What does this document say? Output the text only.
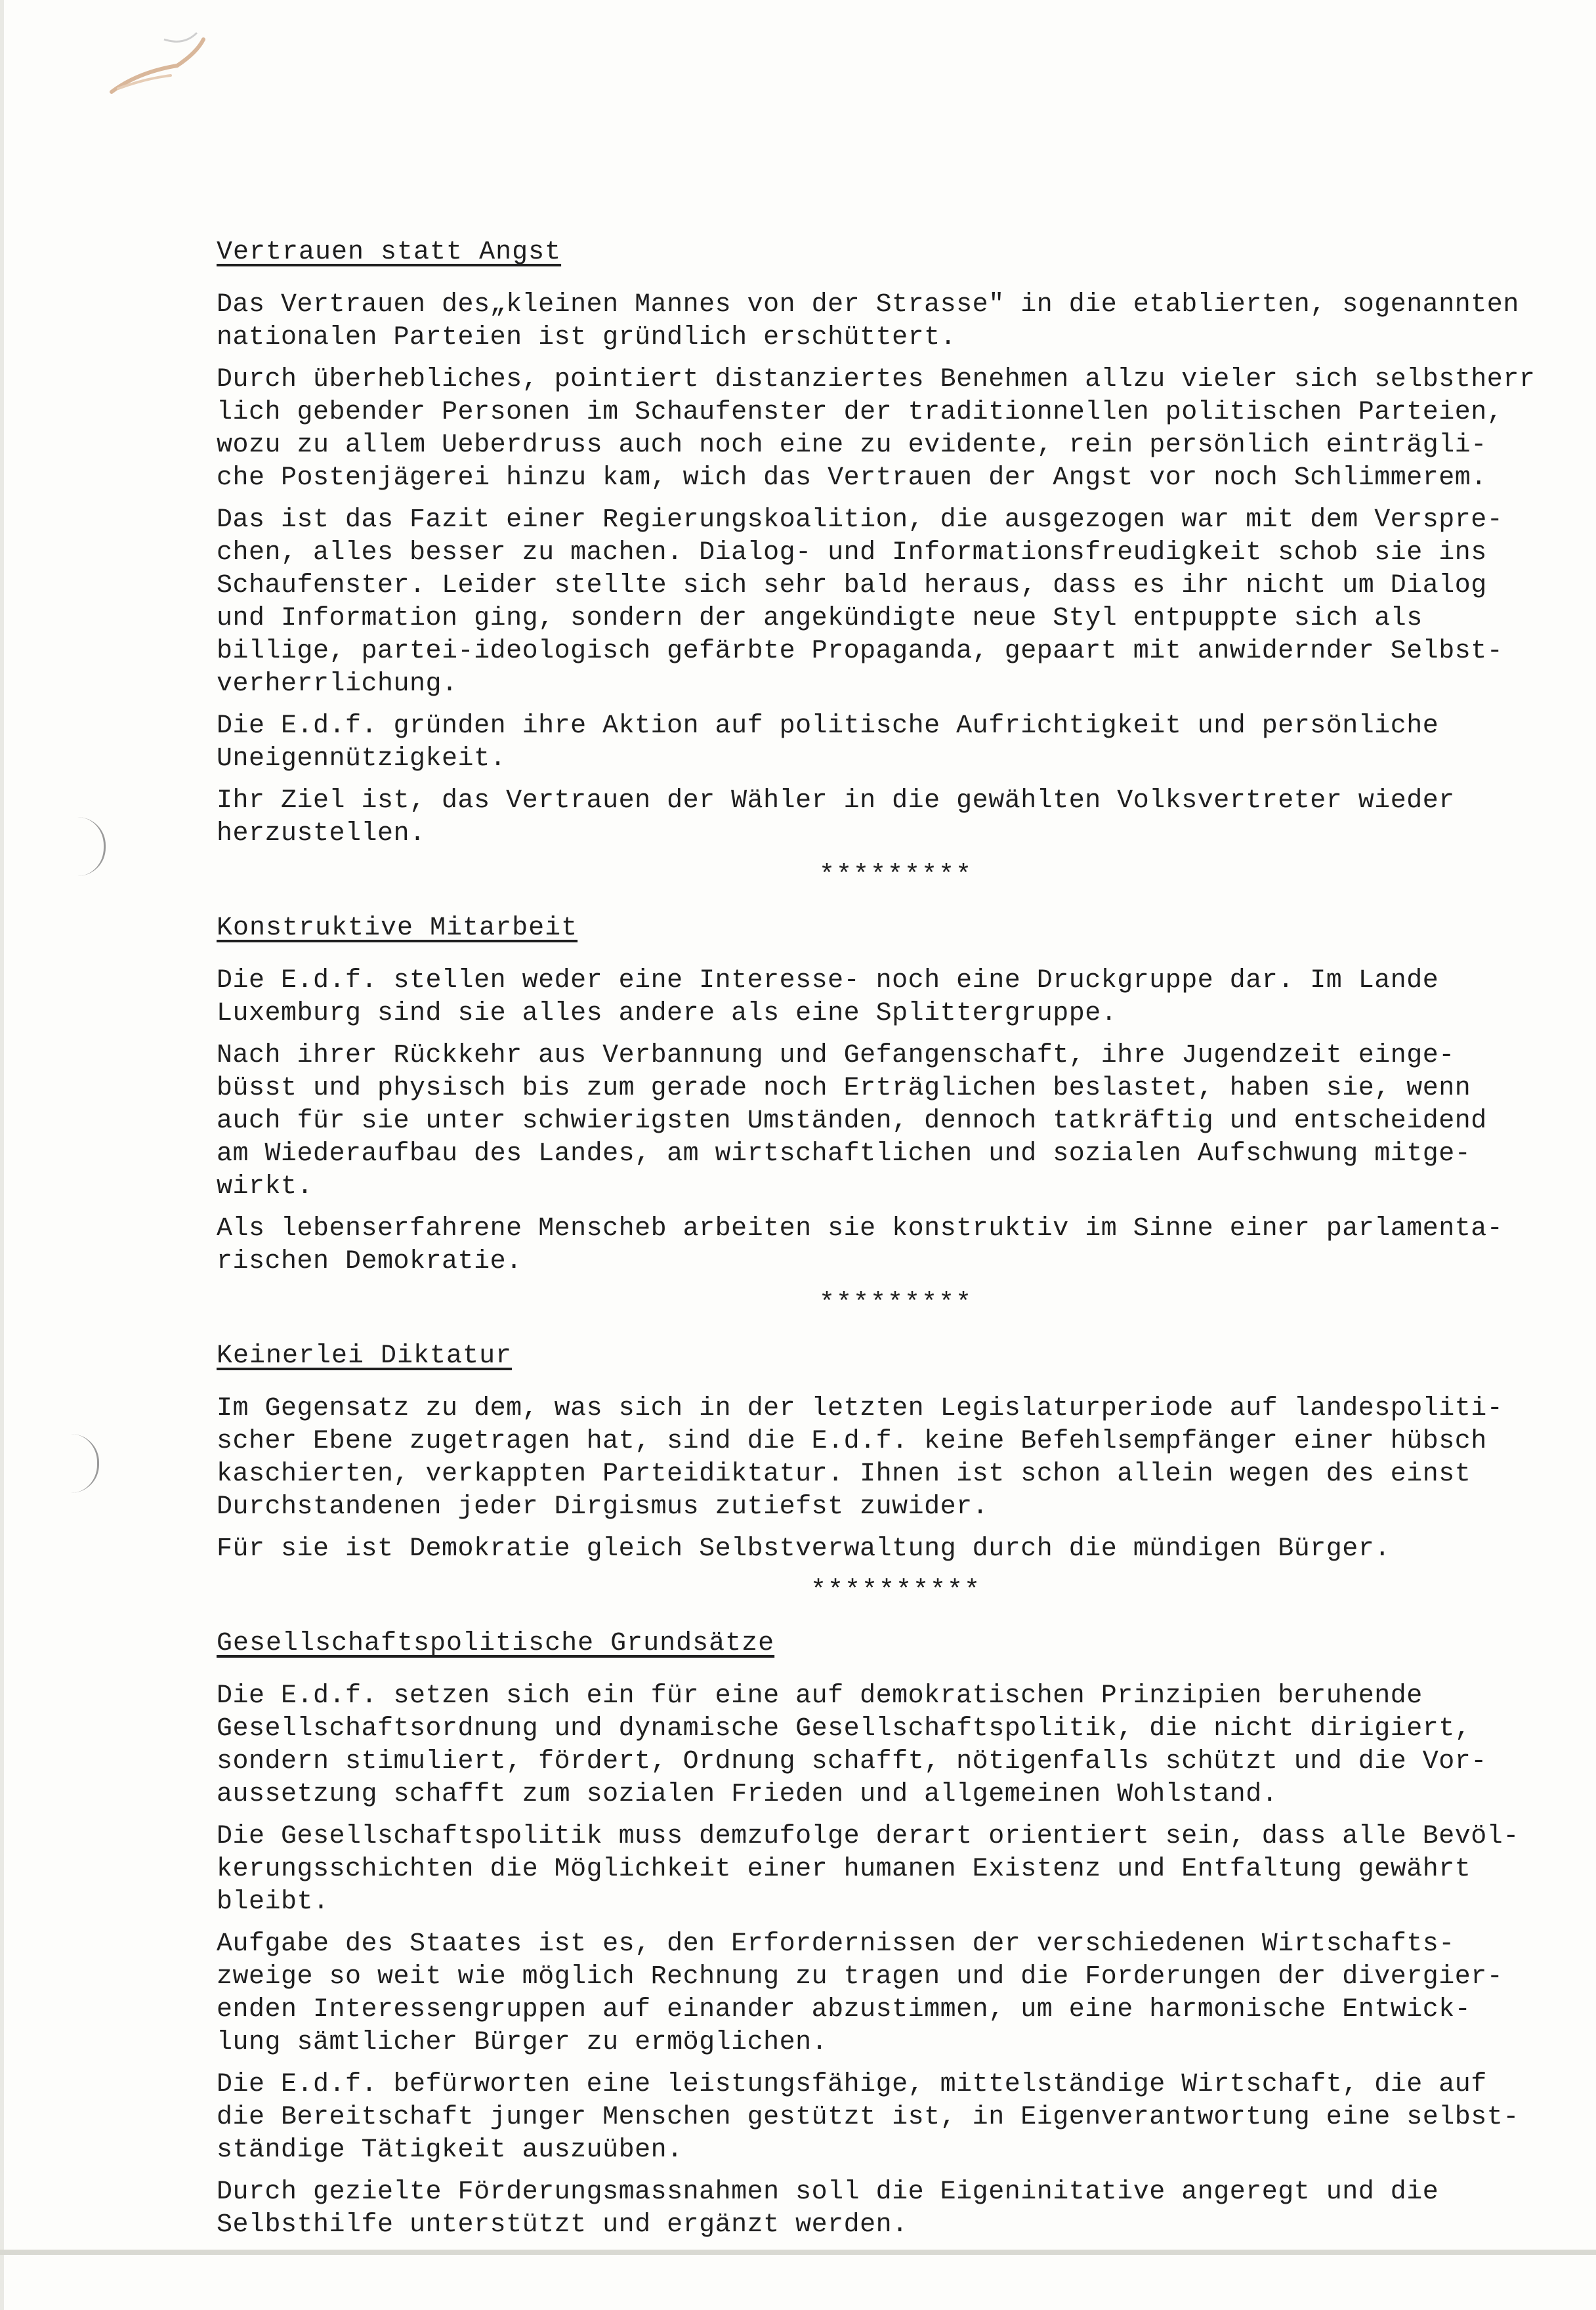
Vertrauen statt Angst
Das Vertrauen des„kleinen Mannes von der Strasse" in die etablierten, sogenannten
nationalen Parteien ist gründlich erschüttert.
Durch überhebliches, pointiert distanziertes Benehmen allzu vieler sich selbstherr
lich gebender Personen im Schaufenster der traditionnellen politischen Parteien,
wozu zu allem Ueberdruss auch noch eine zu evidente, rein persönlich einträgli-
che Postenjägerei hinzu kam, wich das Vertrauen der Angst vor noch Schlimmerem.
Das ist das Fazit einer Regierungskoalition, die ausgezogen war mit dem Verspre-
chen, alles besser zu machen. Dialog- und Informationsfreudigkeit schob sie ins
Schaufenster. Leider stellte sich sehr bald heraus, dass es ihr nicht um Dialog
und Information ging, sondern der angekündigte neue Styl entpuppte sich als
billige, partei-ideologisch gefärbte Propaganda, gepaart mit anwidernder Selbst-
verherrlichung.
Die E.d.f. gründen ihre Aktion auf politische Aufrichtigkeit und persönliche
Uneigennützigkeit.
Ihr Ziel ist, das Vertrauen der Wähler in die gewählten Volksvertreter wieder
herzustellen.
*********
Konstruktive Mitarbeit
Die E.d.f. stellen weder eine Interesse- noch eine Druckgruppe dar. Im Lande
Luxemburg sind sie alles andere als eine Splittergruppe.
Nach ihrer Rückkehr aus Verbannung und Gefangenschaft, ihre Jugendzeit einge-
büsst und physisch bis zum gerade noch Erträglichen beslastet, haben sie, wenn
auch für sie unter schwierigsten Umständen, dennoch tatkräftig und entscheidend
am Wiederaufbau des Landes, am wirtschaftlichen und sozialen Aufschwung mitge-
wirkt.
Als lebenserfahrene Menscheb arbeiten sie konstruktiv im Sinne einer parlamenta-
rischen Demokratie.
*********
Keinerlei Diktatur
Im Gegensatz zu dem, was sich in der letzten Legislaturperiode auf landespoliti-
scher Ebene zugetragen hat, sind die E.d.f. keine Befehlsempfänger einer hübsch
kaschierten, verkappten Parteidiktatur. Ihnen ist schon allein wegen des einst
Durchstandenen jeder Dirgismus zutiefst zuwider.
Für sie ist Demokratie gleich Selbstverwaltung durch die mündigen Bürger.
**********
Gesellschaftspolitische Grundsätze
Die E.d.f. setzen sich ein für eine auf demokratischen Prinzipien beruhende
Gesellschaftsordnung und dynamische Gesellschaftspolitik, die nicht dirigiert,
sondern stimuliert, fördert, Ordnung schafft, nötigenfalls schützt und die Vor-
aussetzung schafft zum sozialen Frieden und allgemeinen Wohlstand.
Die Gesellschaftspolitik muss demzufolge derart orientiert sein, dass alle Bevöl-
kerungsschichten die Möglichkeit einer humanen Existenz und Entfaltung gewährt
bleibt.
Aufgabe des Staates ist es, den Erfordernissen der verschiedenen Wirtschafts-
zweige so weit wie möglich Rechnung zu tragen und die Forderungen der divergier-
enden Interessengruppen auf einander abzustimmen, um eine harmonische Entwick-
lung sämtlicher Bürger zu ermöglichen.
Die E.d.f. befürworten eine leistungsfähige, mittelständige Wirtschaft, die auf
die Bereitschaft junger Menschen gestützt ist, in Eigenverantwortung eine selbst-
ständige Tätigkeit auszuüben.
Durch gezielte Förderungsmassnahmen soll die Eigeninitative angeregt und die
Selbsthilfe unterstützt und ergänzt werden.
